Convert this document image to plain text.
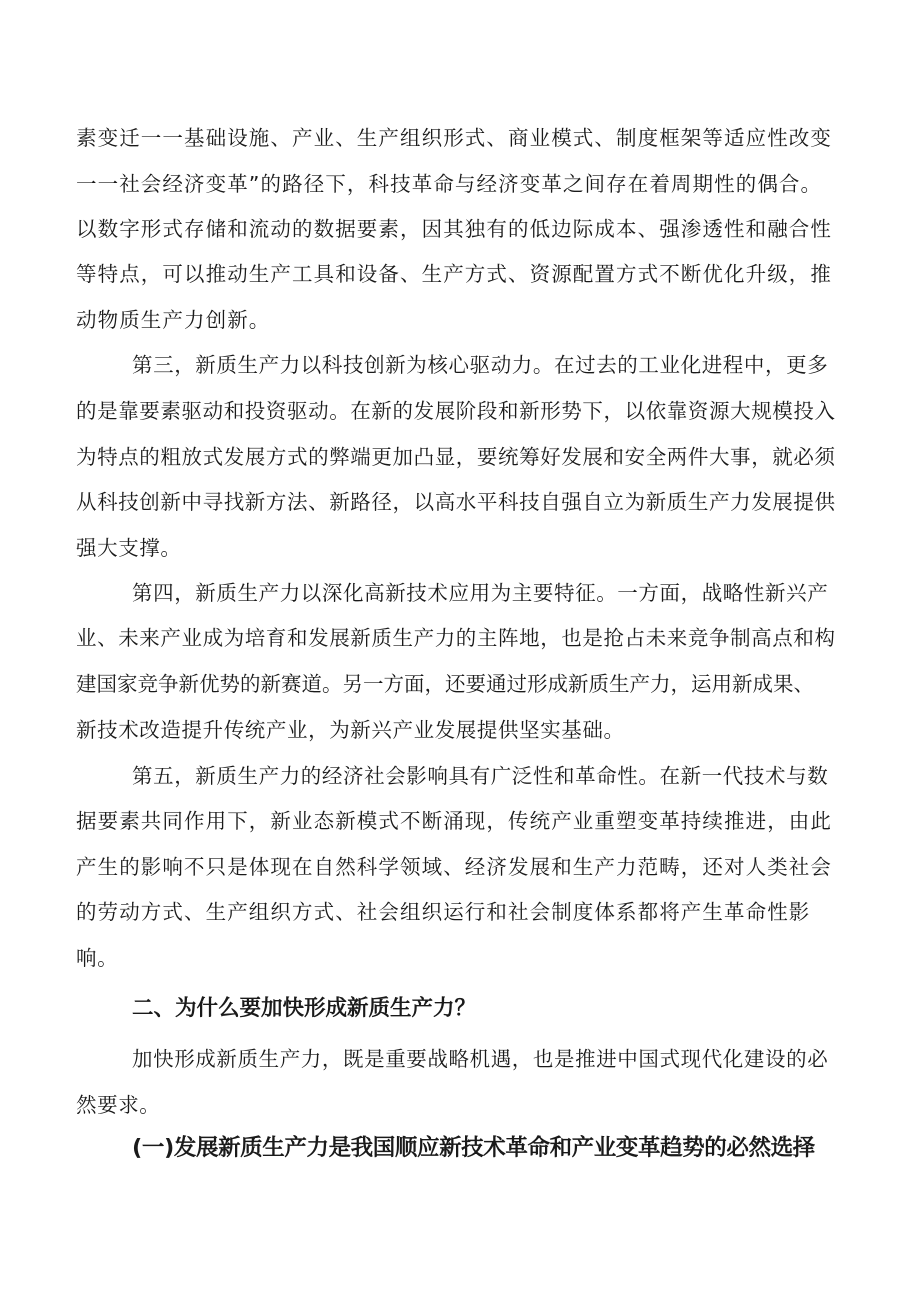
素变迁一一基础设施、产业、生产组织形式、商业模式、制度框架等适应性改变
一一社会经济变革”的路径下，科技革命与经济变革之间存在着周期性的偶合。
以数字形式存储和流动的数据要素，因其独有的低边际成本、强渗透性和融合性
等特点，可以推动生产工具和设备、生产方式、资源配置方式不断优化升级，推
动物质生产力创新。
第三，新质生产力以科技创新为核心驱动力。在过去的工业化进程中，更多
的是靠要素驱动和投资驱动。在新的发展阶段和新形势下，以依靠资源大规模投入
为特点的粗放式发展方式的弊端更加凸显，要统筹好发展和安全两件大事，就必须
从科技创新中寻找新方法、新路径，以高水平科技自强自立为新质生产力发展提供
强大支撑。
第四，新质生产力以深化高新技术应用为主要特征。一方面，战略性新兴产
业、未来产业成为培育和发展新质生产力的主阵地，也是抢占未来竞争制高点和构
建国家竞争新优势的新赛道。另一方面，还要通过形成新质生产力，运用新成果、
新技术改造提升传统产业，为新兴产业发展提供坚实基础。
第五，新质生产力的经济社会影响具有广泛性和革命性。在新一代技术与数
据要素共同作用下，新业态新模式不断涌现，传统产业重塑变革持续推进，由此
产生的影响不只是体现在自然科学领域、经济发展和生产力范畴，还对人类社会
的劳动方式、生产组织方式、社会组织运行和社会制度体系都将产生革命性影
响。
二、为什么要加快形成新质生产力？
加快形成新质生产力，既是重要战略机遇，也是推进中国式现代化建设的必
然要求。
(一)发展新质生产力是我国顺应新技术革命和产业变革趋势的必然选择
